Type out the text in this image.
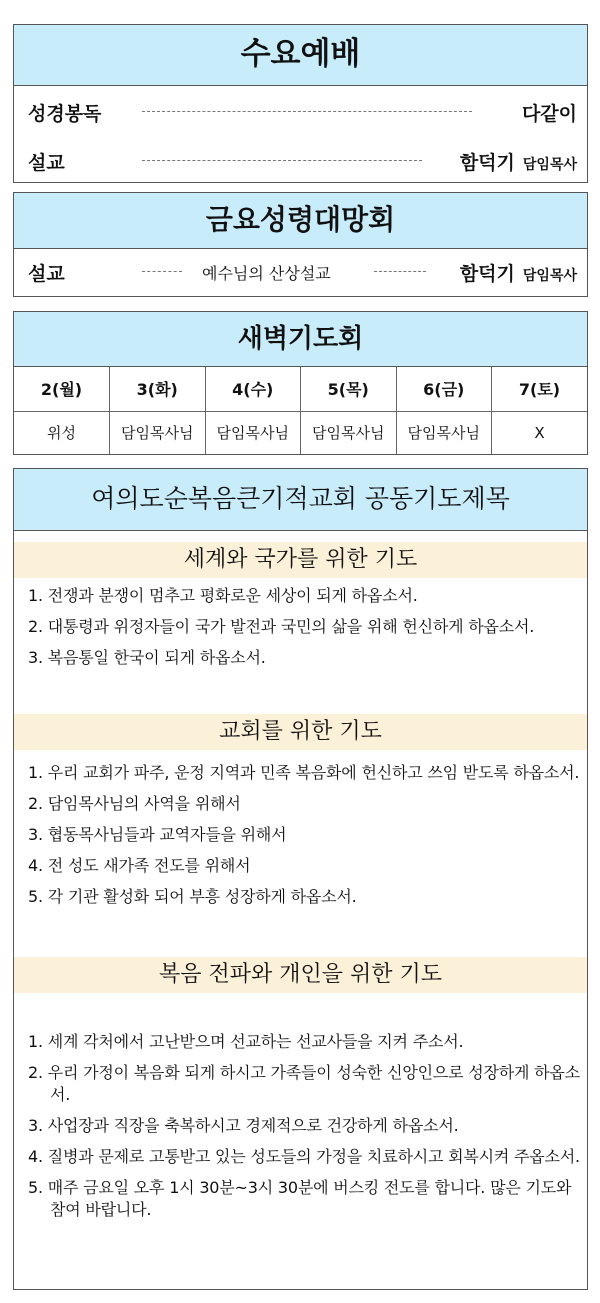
수요예배
성경봉독	다같이
설교	함덕기 담임목사
금요성령대망회
설교	예수님의 산상설교	함덕기 담임목사
새벽기도회
2(월)	3(화)	4(수)	5(목)	6(금)	7(토)
위성	담임목사님	담임목사님	담임목사님	담임목사님	X
여의도순복음큰기적교회 공동기도제목
세계와 국가를 위한 기도
1. 전쟁과 분쟁이 멈추고 평화로운 세상이 되게 하옵소서.
2. 대통령과 위정자들이 국가 발전과 국민의 삶을 위해 헌신하게 하옵소서.
3. 복음통일 한국이 되게 하옵소서.
교회를 위한 기도
1. 우리 교회가 파주, 운정 지역과 민족 복음화에 헌신하고 쓰임 받도록 하옵소서.
2. 담임목사님의 사역을 위해서
3. 협동목사님들과 교역자들을 위해서
4. 전 성도 새가족 전도를 위해서
5. 각 기관 활성화 되어 부흥 성장하게 하옵소서.
복음 전파와 개인을 위한 기도
1. 세계 각처에서 고난받으며 선교하는 선교사들을 지켜 주소서.
2. 우리 가정이 복음화 되게 하시고 가족들이 성숙한 신앙인으로 성장하게 하옵소서.
3. 사업장과 직장을 축복하시고 경제적으로 건강하게 하옵소서.
4. 질병과 문제로 고통받고 있는 성도들의 가정을 치료하시고 회복시켜 주옵소서.
5. 매주 금요일 오후 1시 30분~3시 30분에 버스킹 전도를 합니다. 많은 기도와 참여 바랍니다.
